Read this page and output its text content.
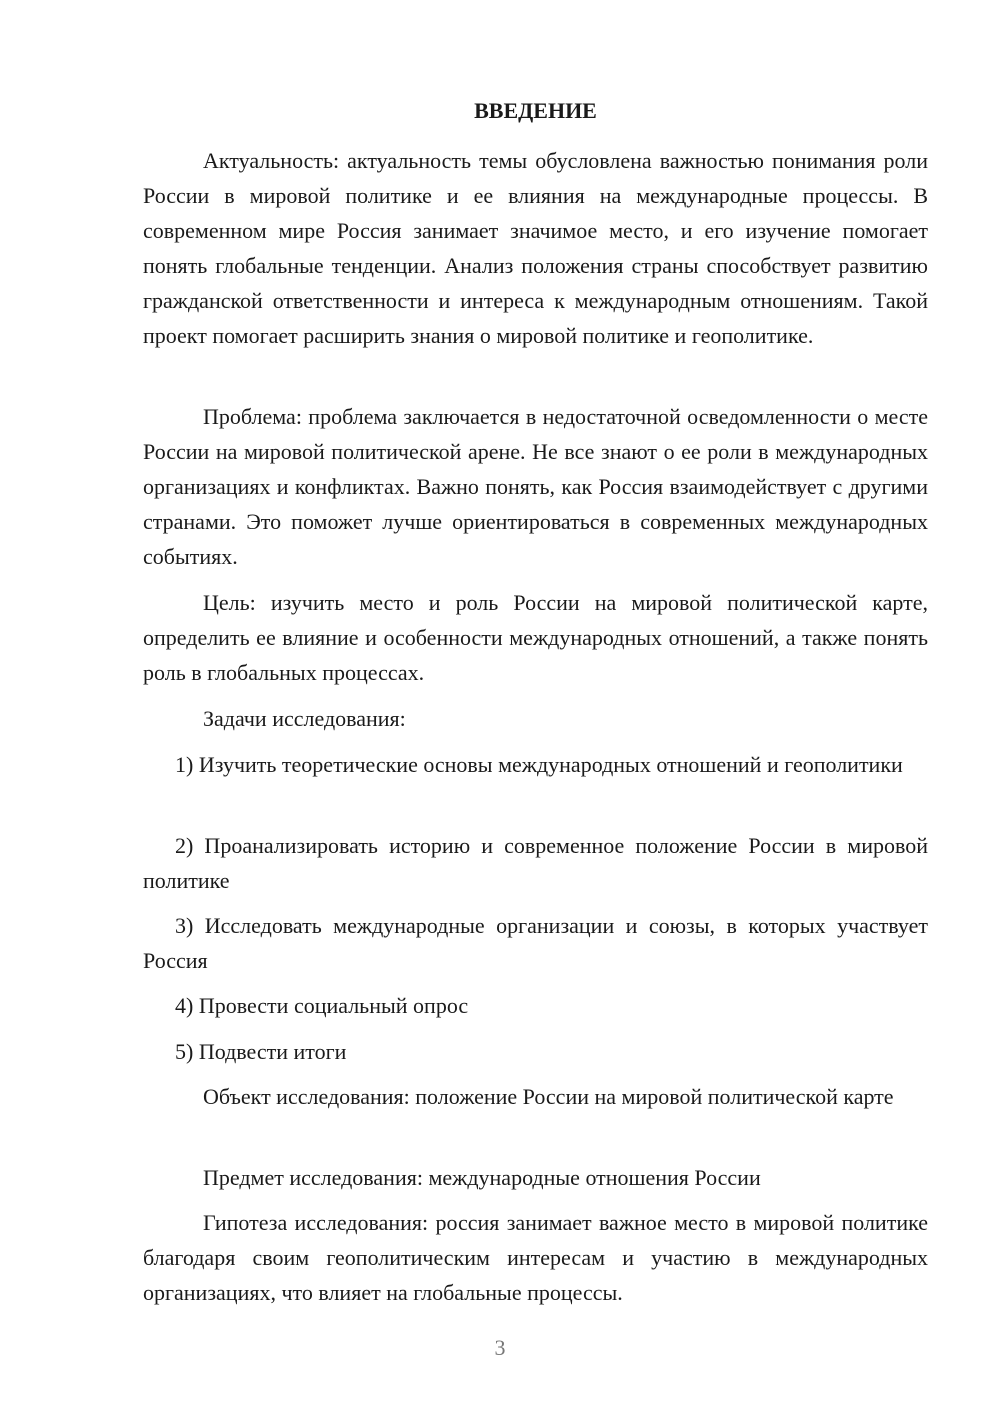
ВВЕДЕНИЕ

Актуальность: актуальность темы обусловлена важностью понимания роли России в мировой политике и ее влияния на международные процессы. В современном мире Россия занимает значимое место, и его изучение помогает понять глобальные тенденции. Анализ положения страны способствует развитию гражданской ответственности и интереса к международным отношениям. Такой проект помогает расширить знания о мировой политике и геополитике.

Проблема: проблема заключается в недостаточной осведомленности о месте России на мировой политической арене. Не все знают о ее роли в международных организациях и конфликтах. Важно понять, как Россия взаимодействует с другими странами. Это поможет лучше ориентироваться в современных международных событиях.

Цель: изучить место и роль России на мировой политической карте, определить ее влияние и особенности международных отношений, а также понять роль в глобальных процессах.

Задачи исследования:

1) Изучить теоретические основы международных отношений и геополитики

2) Проанализировать историю и современное положение России в мировой политике

3) Исследовать международные организации и союзы, в которых участвует Россия

4) Провести социальный опрос

5) Подвести итоги

Объект исследования: положение России на мировой политической карте

Предмет исследования: международные отношения России

Гипотеза исследования: россия занимает важное место в мировой политике благодаря своим геополитическим интересам и участию в международных организациях, что влияет на глобальные процессы.

3
